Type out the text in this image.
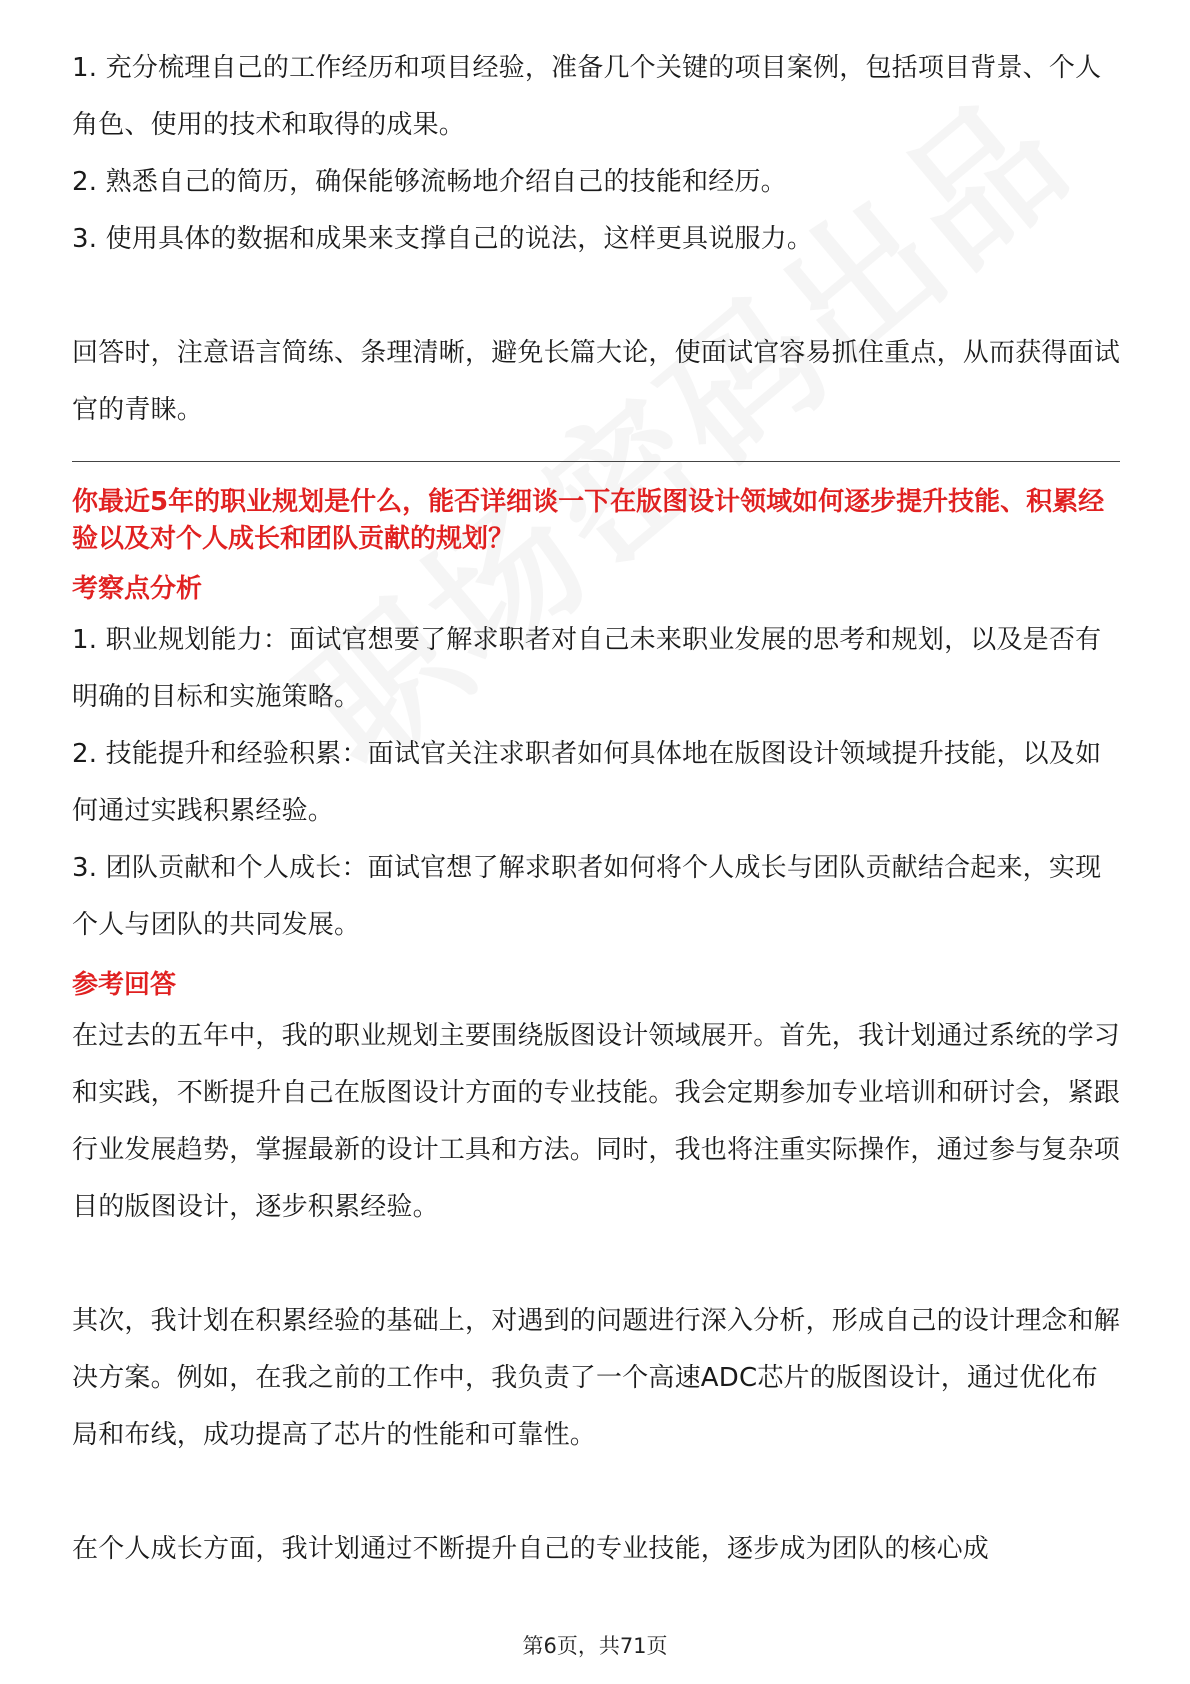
1. 充分梳理自己的工作经历和项目经验，准备几个关键的项目案例，包括项目背景、个人角色、使用的技术和取得的成果。

2. 熟悉自己的简历，确保能够流畅地介绍自己的技能和经历。

3. 使用具体的数据和成果来支撑自己的说法，这样更具说服力。

回答时，注意语言简练、条理清晰，避免长篇大论，使面试官容易抓住重点，从而获得面试官的青睐。

你最近5年的职业规划是什么，能否详细谈一下在版图设计领域如何逐步提升技能、积累经验以及对个人成长和团队贡献的规划？
考察点分析

1. 职业规划能力：面试官想要了解求职者对自己未来职业发展的思考和规划，以及是否有明确的目标和实施策略。

2. 技能提升和经验积累：面试官关注求职者如何具体地在版图设计领域提升技能，以及如何通过实践积累经验。

3. 团队贡献和个人成长：面试官想了解求职者如何将个人成长与团队贡献结合起来，实现个人与团队的共同发展。

参考回答

在过去的五年中，我的职业规划主要围绕版图设计领域展开。首先，我计划通过系统的学习和实践，不断提升自己在版图设计方面的专业技能。我会定期参加专业培训和研讨会，紧跟行业发展趋势，掌握最新的设计工具和方法。同时，我也将注重实际操作，通过参与复杂项目的版图设计，逐步积累经验。

其次，我计划在积累经验的基础上，对遇到的问题进行深入分析，形成自己的设计理念和解决方案。例如，在我之前的工作中，我负责了一个高速ADC芯片的版图设计，通过优化布局和布线，成功提高了芯片的性能和可靠性。

在个人成长方面，我计划通过不断提升自己的专业技能，逐步成为团队的核心成

第6页，共71页
